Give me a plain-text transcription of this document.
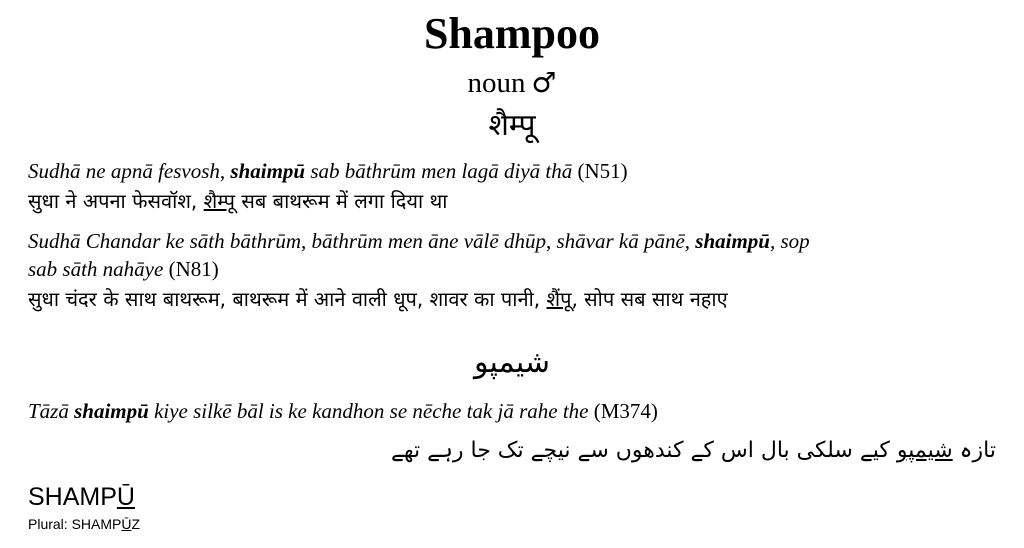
Shampoo
noun ♂
शैम्पू
Sudhā ne apnā fesvosh, shaimpū sab bāthrūm men lagā diyā thā (N51)
सुधा ने अपना फेसवॉश, शैम्पू सब बाथरूम में लगा दिया था
Sudhā Chandar ke sāth bāthrūm, bāthrūm men āne vālē dhūp, shāvar kā pānē, shaimpū, sop
sab sāth nahāye (N81)
सुधा चंदर के साथ बाथरूम, बाथरूम में आने वाली धूप, शावर का पानी, शैंपू, सोप सब साथ नहाए
شیمپو
Tāzā shaimpū kiye silkē bāl is ke kandhon se nēche tak jā rahe the (M374)
تازہ شیمپو کیے سلکی بال اس کے کندھوں سے نیچے تک جا رہے تھے
SHAMPŪ
Plural: SHAMPŪZ
